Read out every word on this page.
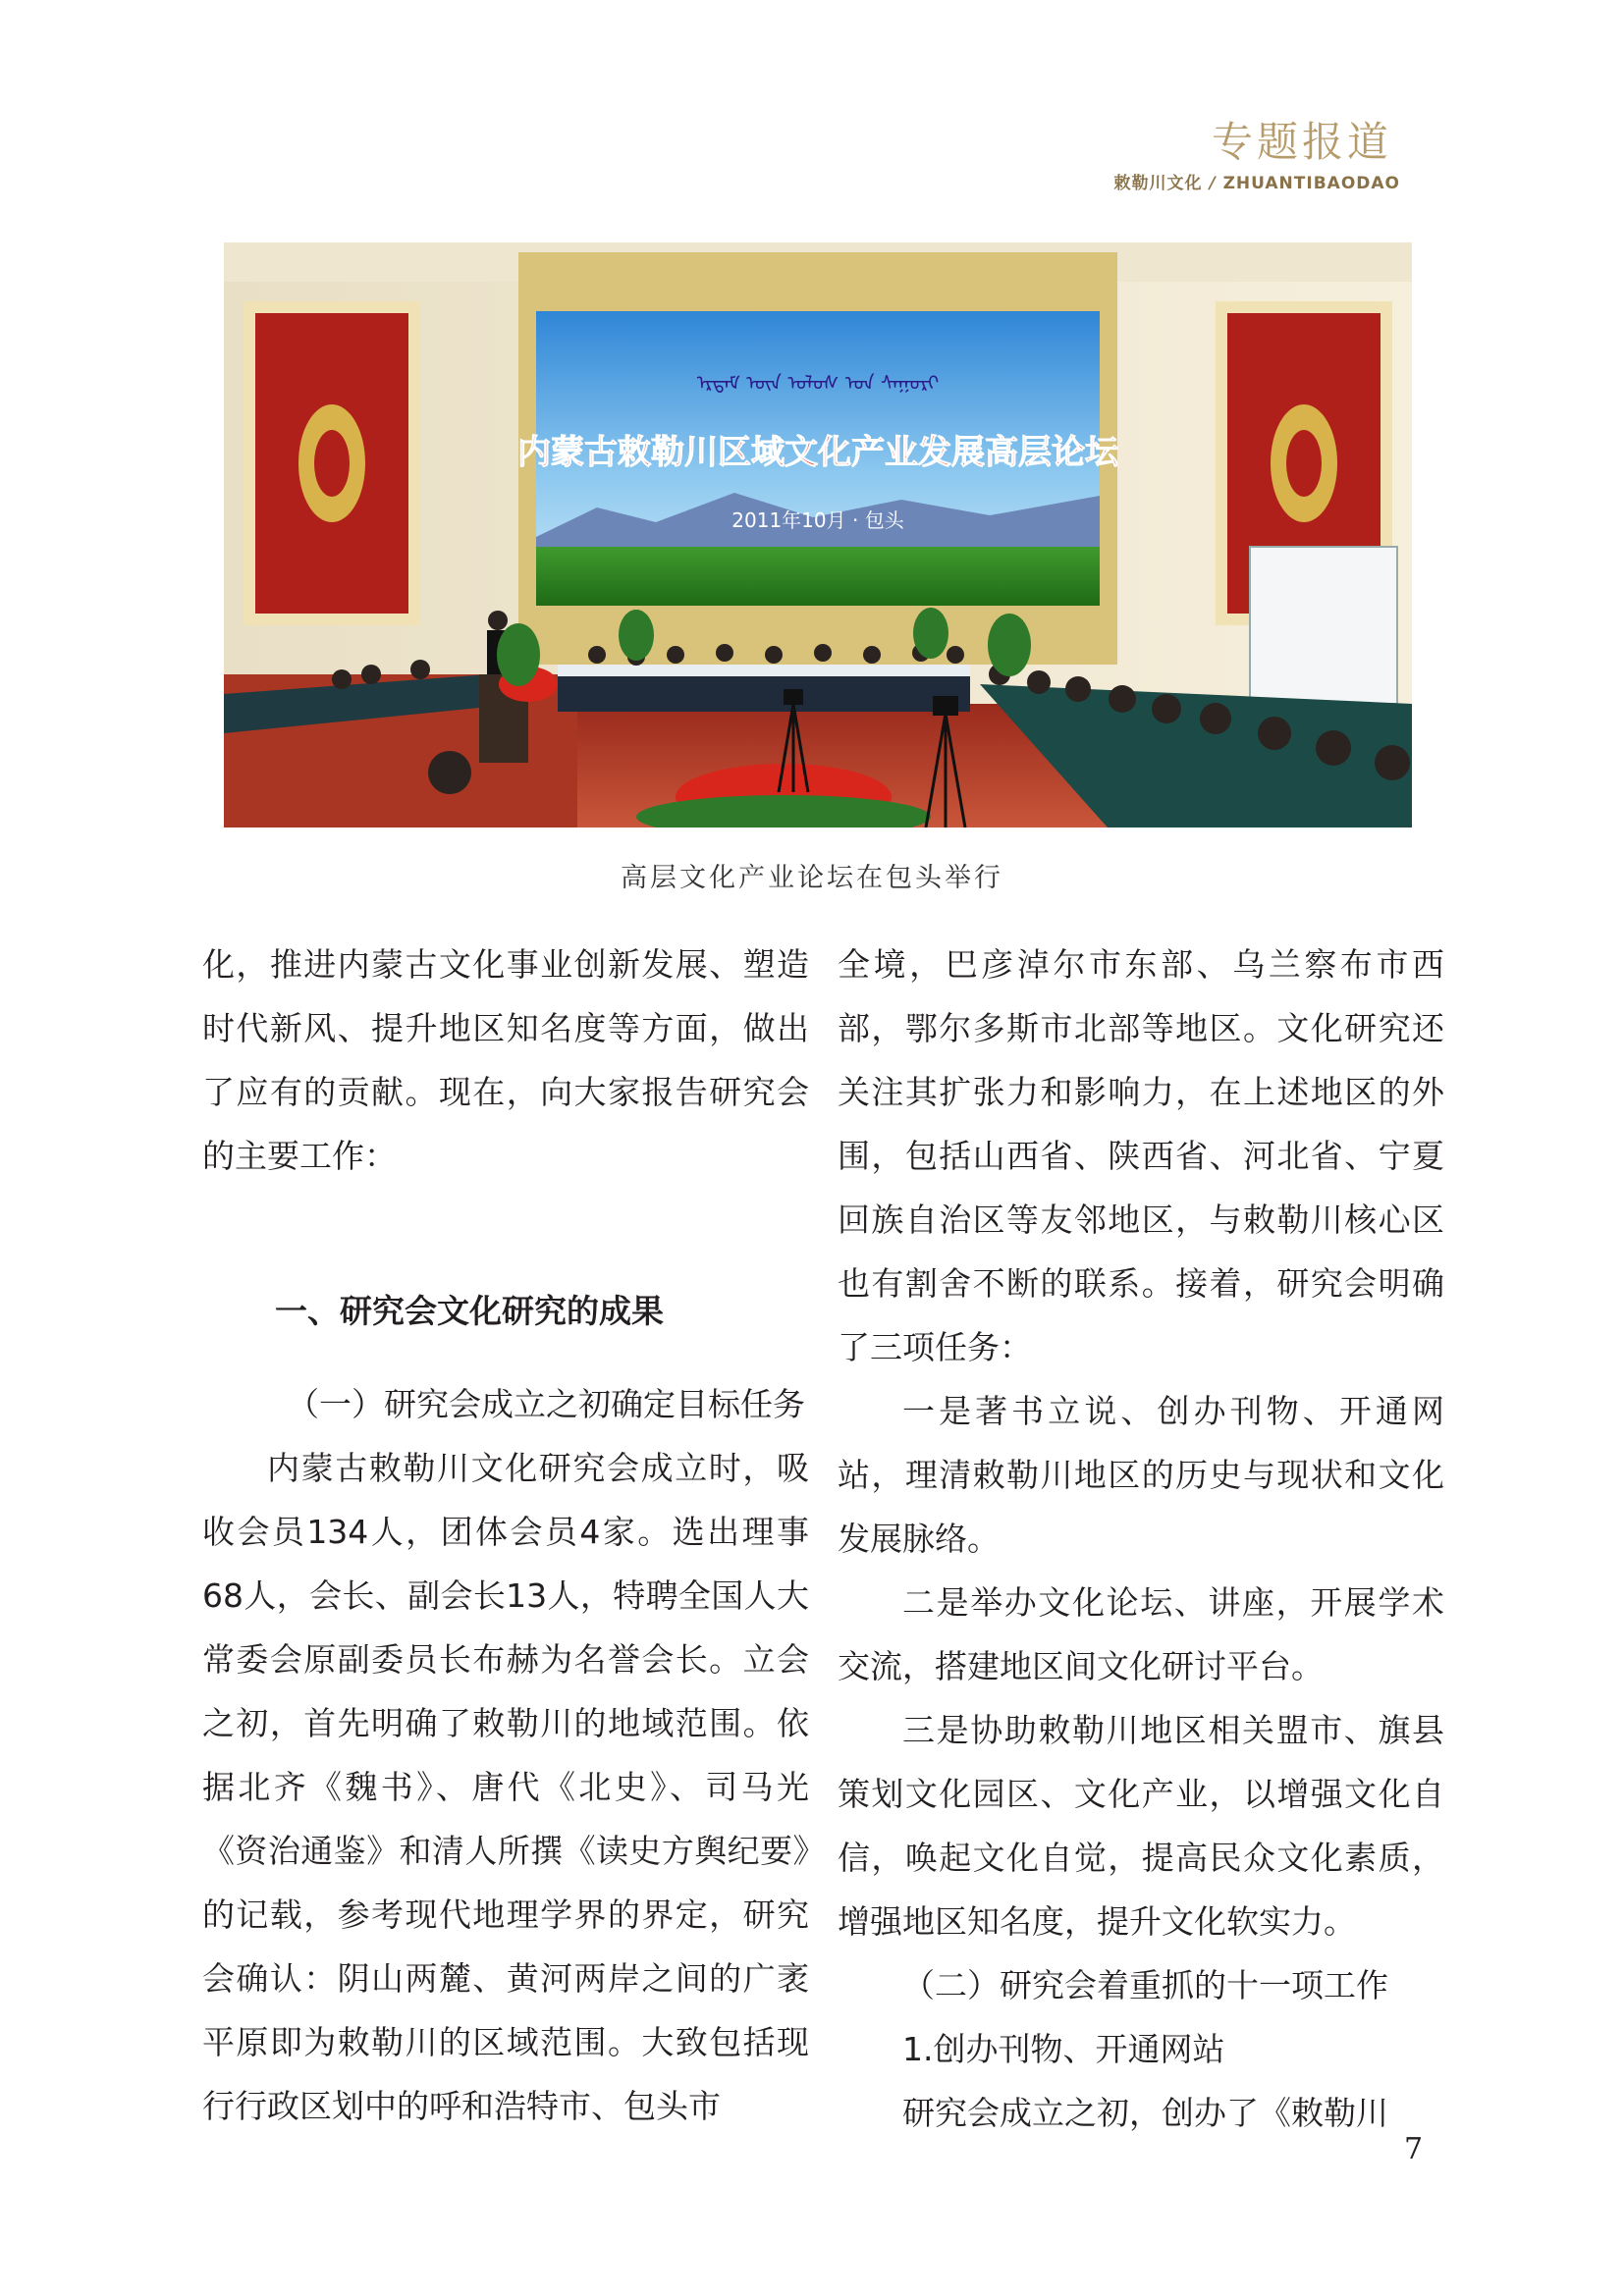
专题报道
敕勒川文化 / ZHUANTIBAODAO
ᠡᠷᠳᠡᠮ ᠦᠨ ᠤᠯᠤᠰ ᠤᠨ ᠰᠠᠭᠤᠷᠢ
内蒙古敕勒川区域文化产业发展高层论坛
2011年10月 · 包头
高层文化产业论坛在包头举行

化，推进内蒙古文化事业创新发展、塑造时代新风、提升地区知名度等方面，做出了应有的贡献。现在，向大家报告研究会的主要工作：

一、研究会文化研究的成果

（一）研究会成立之初确定目标任务

内蒙古敕勒川文化研究会成立时，吸收会员134人，团体会员4家。选出理事68人，会长、副会长13人，特聘全国人大常委会原副委员长布赫为名誉会长。立会之初，首先明确了敕勒川的地域范围。依据北齐《魏书》、唐代《北史》、司马光《资治通鉴》和清人所撰《读史方舆纪要》的记载，参考现代地理学界的界定，研究会确认：阴山两麓、黄河两岸之间的广袤平原即为敕勒川的区域范围。大致包括现行行政区划中的呼和浩特市、包头市

全境，巴彦淖尔市东部、乌兰察布市西部，鄂尔多斯市北部等地区。文化研究还关注其扩张力和影响力，在上述地区的外围，包括山西省、陕西省、河北省、宁夏回族自治区等友邻地区，与敕勒川核心区也有割舍不断的联系。接着，研究会明确了三项任务：

一是著书立说、创办刊物、开通网站，理清敕勒川地区的历史与现状和文化发展脉络。

二是举办文化论坛、讲座，开展学术交流，搭建地区间文化研讨平台。

三是协助敕勒川地区相关盟市、旗县策划文化园区、文化产业，以增强文化自信，唤起文化自觉，提高民众文化素质，增强地区知名度，提升文化软实力。

（二）研究会着重抓的十一项工作

1.创办刊物、开通网站

研究会成立之初，创办了《敕勒川

7
